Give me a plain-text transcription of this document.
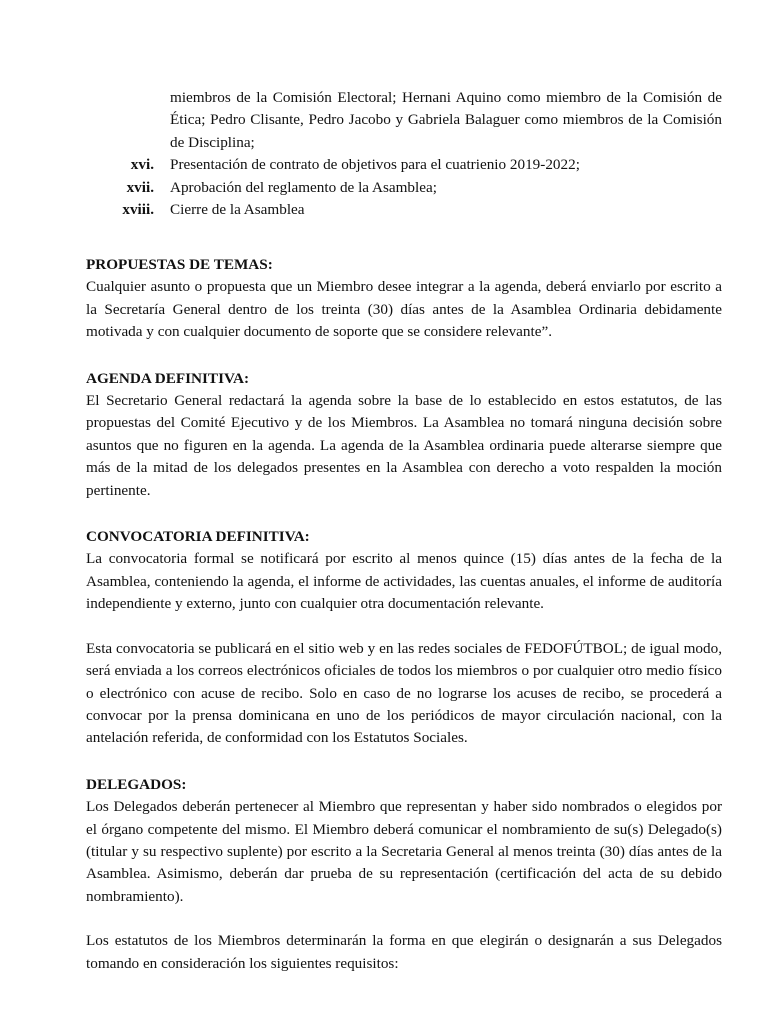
miembros de la Comisión Electoral; Hernani Aquino como miembro de la Comisión de Ética; Pedro Clisante, Pedro Jacobo y Gabriela Balaguer como miembros de la Comisión de Disciplina;
xvi.	Presentación de contrato de objetivos para el cuatrienio 2019-2022;
xvii.	Aprobación del reglamento de la Asamblea;
xviii.	Cierre de la Asamblea

PROPUESTAS DE TEMAS:

Cualquier asunto o propuesta que un Miembro desee integrar a la agenda, deberá enviarlo por escrito a la Secretaría General dentro de los treinta (30) días antes de la Asamblea Ordinaria debidamente motivada y con cualquier documento de soporte que se considere relevante”.

AGENDA DEFINITIVA:

El Secretario General redactará la agenda sobre la base de lo establecido en estos estatutos, de las propuestas del Comité Ejecutivo y de los Miembros. La Asamblea no tomará ninguna decisión sobre asuntos que no figuren en la agenda. La agenda de la Asamblea ordinaria puede alterarse siempre que más de la mitad de los delegados presentes en la Asamblea con derecho a voto respalden la moción pertinente.

CONVOCATORIA DEFINITIVA:

La convocatoria formal se notificará por escrito al menos quince (15) días antes de la fecha de la Asamblea, conteniendo la agenda, el informe de actividades, las cuentas anuales, el informe de auditoría independiente y externo, junto con cualquier otra documentación relevante.

Esta convocatoria se publicará en el sitio web y en las redes sociales de FEDOFÚTBOL; de igual modo, será enviada a los correos electrónicos oficiales de todos los miembros o por cualquier otro medio físico o electrónico con acuse de recibo. Solo en caso de no lograrse los acuses de recibo, se procederá a convocar por la prensa dominicana en uno de los periódicos de mayor circulación nacional, con la antelación referida, de conformidad con los Estatutos Sociales.

DELEGADOS:

Los Delegados deberán pertenecer al Miembro que representan y haber sido nombrados o elegidos por el órgano competente del mismo. El Miembro deberá comunicar el nombramiento de su(s) Delegado(s) (titular y su respectivo suplente) por escrito a la Secretaria General al menos treinta (30) días antes de la Asamblea. Asimismo, deberán dar prueba de su representación (certificación del acta de su debido nombramiento).

Los estatutos de los Miembros determinarán la forma en que elegirán o designarán a sus Delegados tomando en consideración los siguientes requisitos:
